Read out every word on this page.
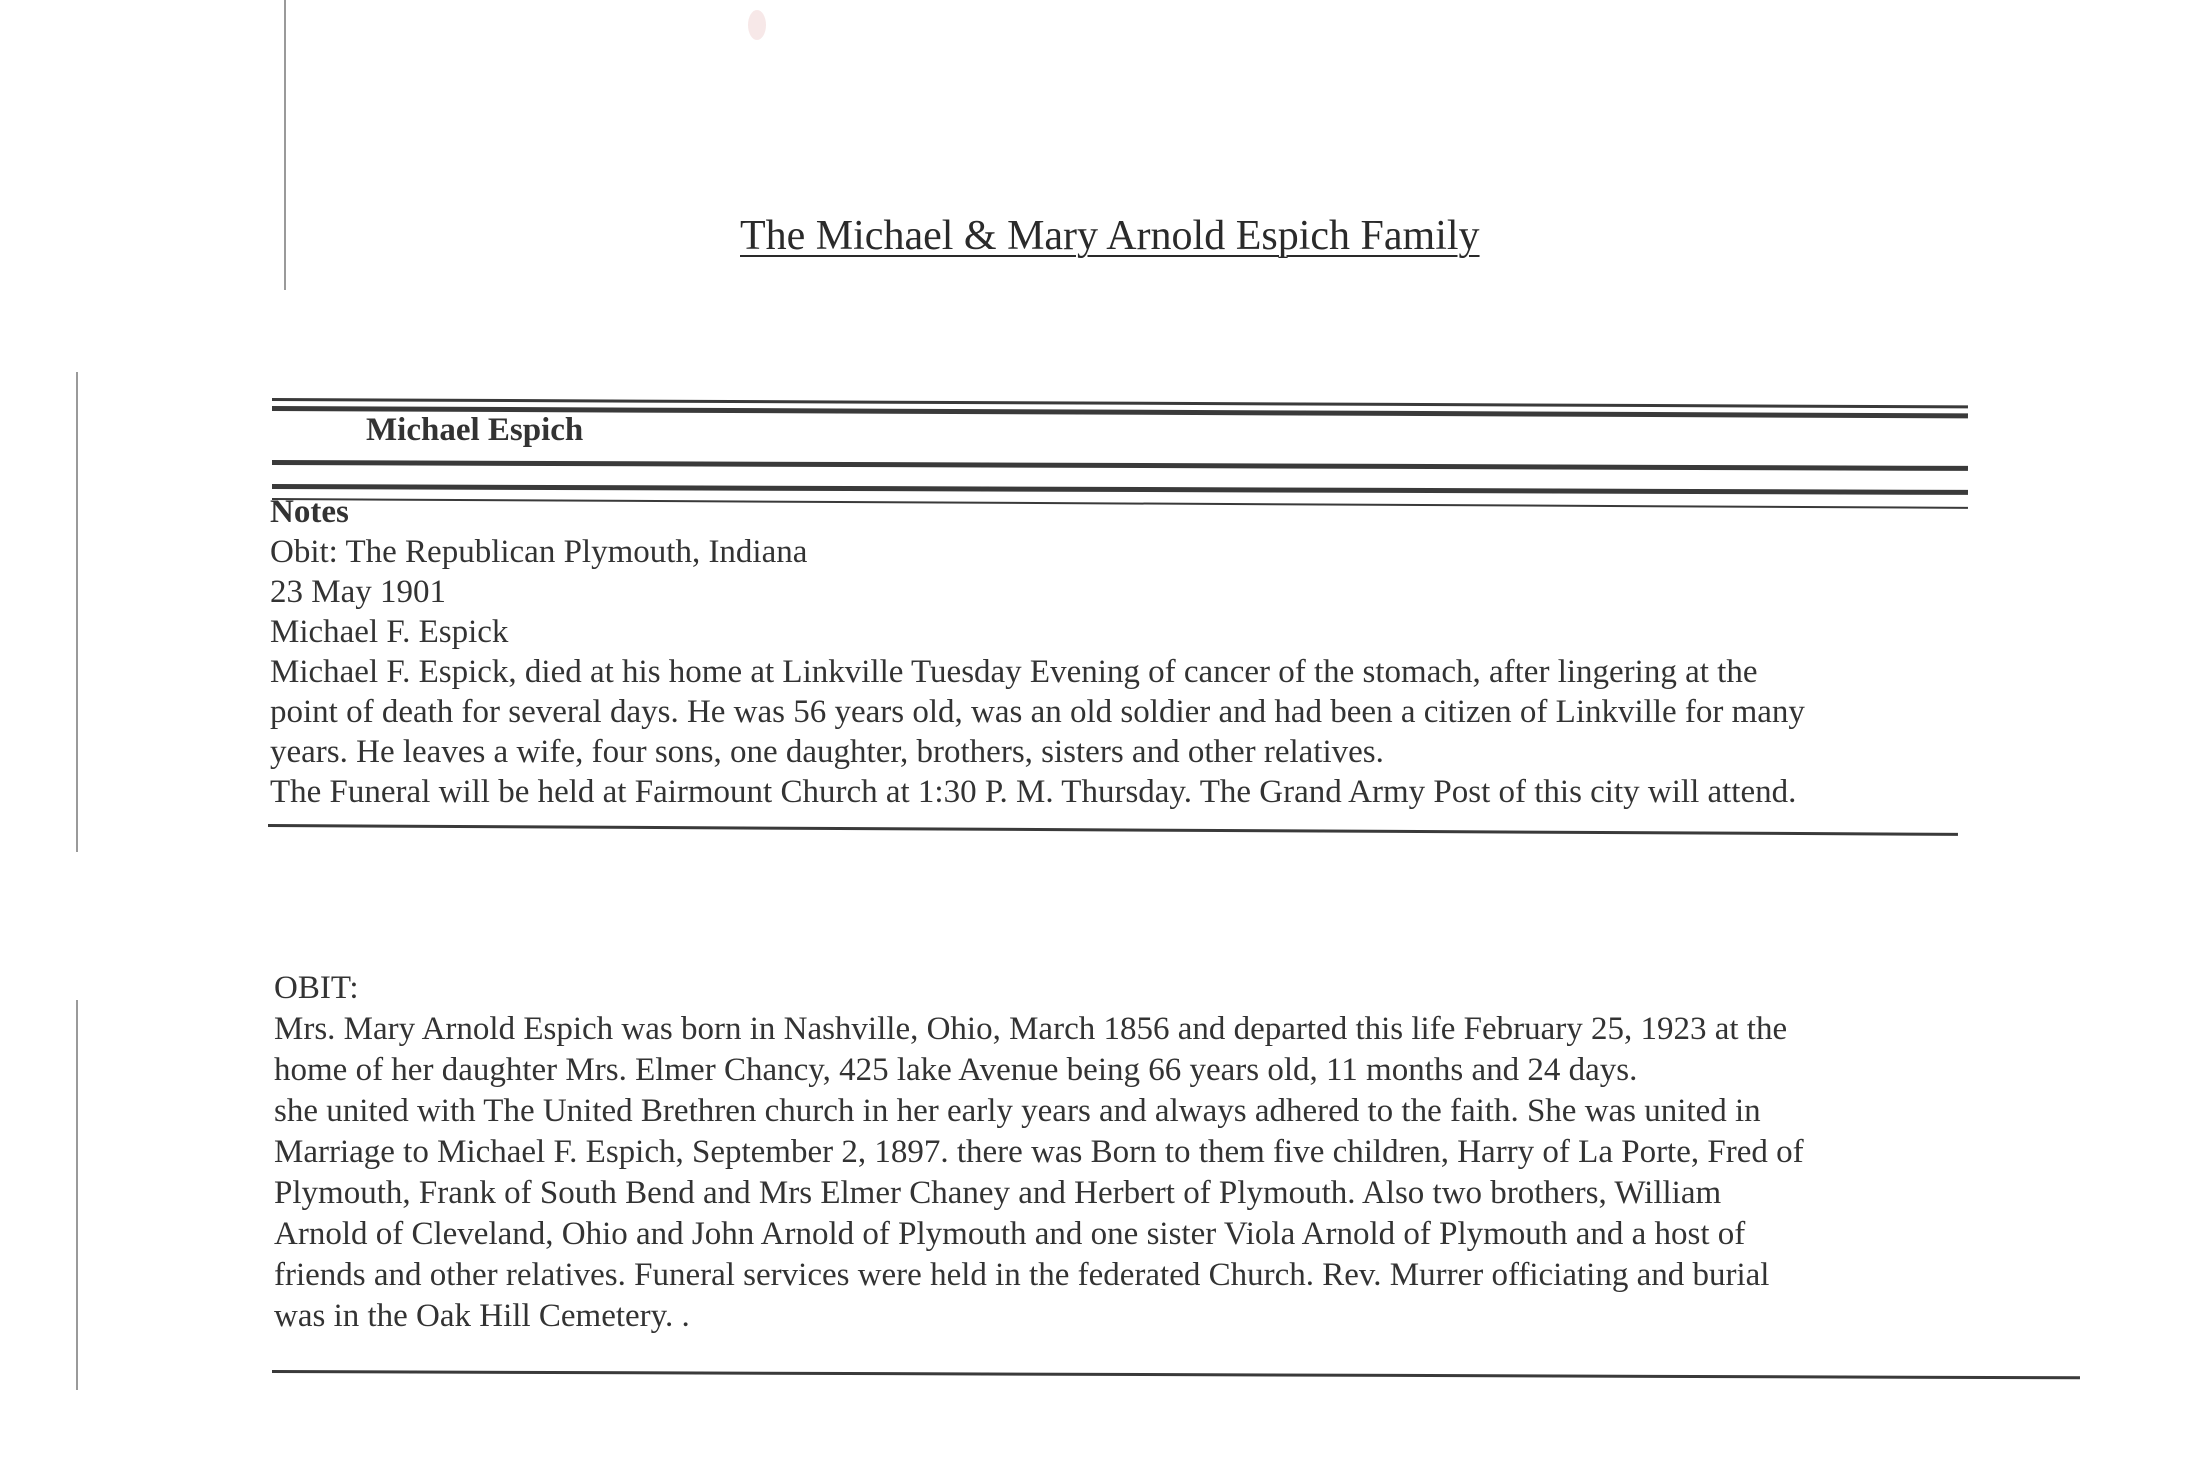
The Michael & Mary Arnold Espich Family
Michael Espich
Notes
Obit: The Republican Plymouth, Indiana
23 May 1901
Michael F. Espick
Michael F. Espick, died at his home at Linkville Tuesday Evening of cancer of the stomach, after lingering at the
point of death for several days. He was 56 years old, was an old soldier and had been a citizen of Linkville for many
years. He leaves a wife, four sons, one daughter, brothers, sisters and other relatives.
The Funeral will be held at Fairmount Church at 1:30 P. M. Thursday. The Grand Army Post of this city will attend.
OBIT:
Mrs. Mary Arnold Espich was born in Nashville, Ohio, March 1856 and departed this life February 25, 1923 at the
home of her daughter Mrs. Elmer Chancy, 425 lake Avenue being 66 years old, 11 months and 24 days.
she united with The United Brethren church in her early years and always adhered to the faith. She was united in
Marriage to Michael F. Espich, September 2, 1897. there was Born to them five children, Harry of La Porte, Fred of
Plymouth, Frank of South Bend and Mrs Elmer Chaney and Herbert of Plymouth. Also two brothers, William
Arnold of Cleveland, Ohio and John Arnold of Plymouth and one sister Viola Arnold of Plymouth and a host of
friends and other relatives. Funeral services were held in the federated Church. Rev. Murrer officiating and burial
was in the Oak Hill Cemetery. .
